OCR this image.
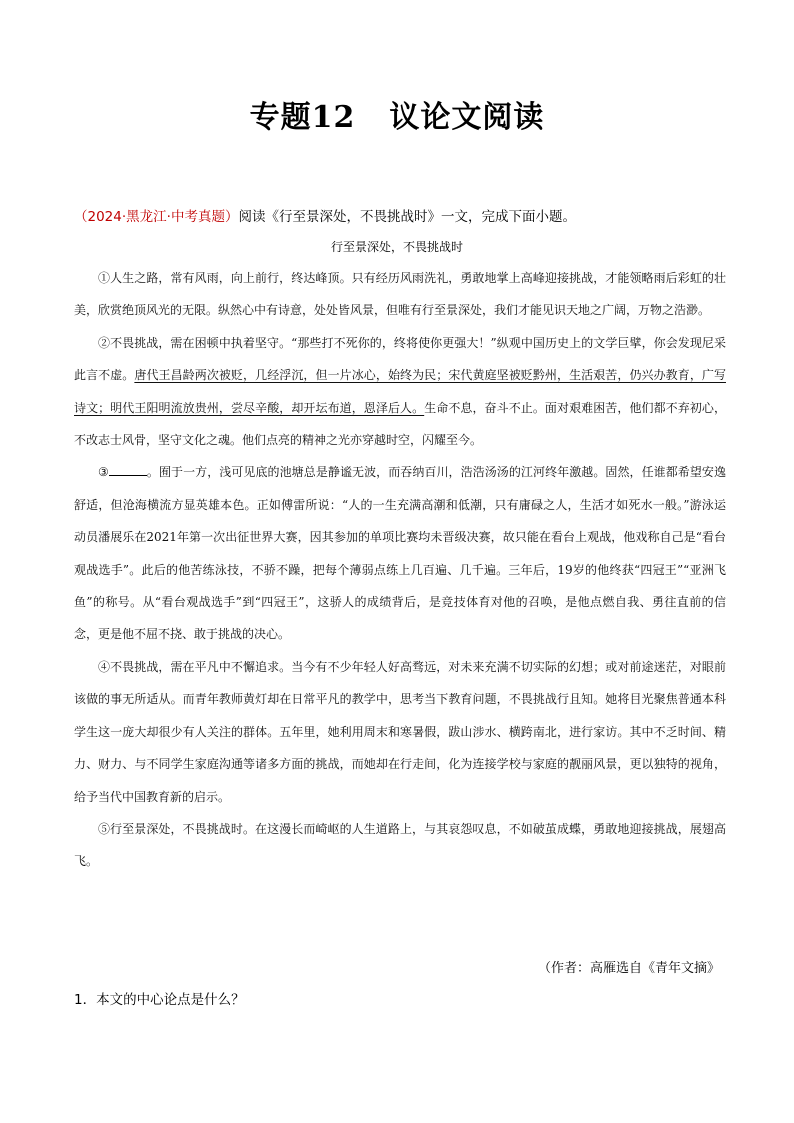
专题12 议论文阅读
（2024·黑龙江·中考真题）阅读《行至景深处，不畏挑战时》一文，完成下面小题。
行至景深处，不畏挑战时

①人生之路，常有风雨，向上前行，终达峰顶。只有经历风雨洗礼，勇敢地掌上高峰迎接挑战，才能领略雨后彩虹的壮美，欣赏绝顶风光的无限。纵然心中有诗意，处处皆风景，但唯有行至景深处，我们才能见识天地之广阔，万物之浩渺。

②不畏挑战，需在困顿中执着坚守。“那些打不死你的，终将使你更强大！”纵观中国历史上的文学巨擘，你会发现尼采此言不虚。唐代王昌龄两次被贬，几经浮沉，但一片冰心，始终为民；宋代黄庭坚被贬黔州，生活艰苦，仍兴办教育，广写诗文；明代王阳明流放贵州，尝尽辛酸，却开坛布道，恩泽后人。生命不息，奋斗不止。面对艰难困苦，他们都不弃初心，不改志士风骨，坚守文化之魂。他们点亮的精神之光亦穿越时空，闪耀至今。

③	。囿于一方，浅可见底的池塘总是静谧无波，而吞纳百川，浩浩汤汤的江河终年激越。固然，任谁都希望安逸舒适，但沧海横流方显英雄本色。正如傅雷所说：“人的一生充满高潮和低潮，只有庸碌之人，生活才如死水一般。”游泳运动员潘展乐在2021年第一次出征世界大赛，因其参加的单项比赛均未晋级决赛，故只能在看台上观战，他戏称自己是“看台观战选手”。此后的他苦练泳技，不骄不躁，把每个薄弱点练上几百遍、几千遍。三年后，19岁的他终获“四冠王”“亚洲飞鱼”的称号。从“看台观战选手”到“四冠王”，这骄人的成绩背后，是竞技体育对他的召唤，是他点燃自我、勇往直前的信念，更是他不屈不挠、敢于挑战的决心。

④不畏挑战，需在平凡中不懈追求。当今有不少年轻人好高骛远，对未来充满不切实际的幻想；或对前途迷茫，对眼前该做的事无所适从。而青年教师黄灯却在日常平凡的教学中，思考当下教育问题，不畏挑战行且知。她将目光聚焦普通本科学生这一庞大却很少有人关注的群体。五年里，她利用周末和寒暑假，跋山涉水、横跨南北，进行家访。其中不乏时间、精力、财力、与不同学生家庭沟通等诸多方面的挑战，而她却在行走间，化为连接学校与家庭的靓丽风景，更以独特的视角，给予当代中国教育新的启示。

⑤行至景深处，不畏挑战时。在这漫长而崎岖的人生道路上，与其哀怨叹息，不如破茧成蝶，勇敢地迎接挑战，展翅高飞。

（作者：高雁选自《青年文摘》
1．本文的中心论点是什么？
